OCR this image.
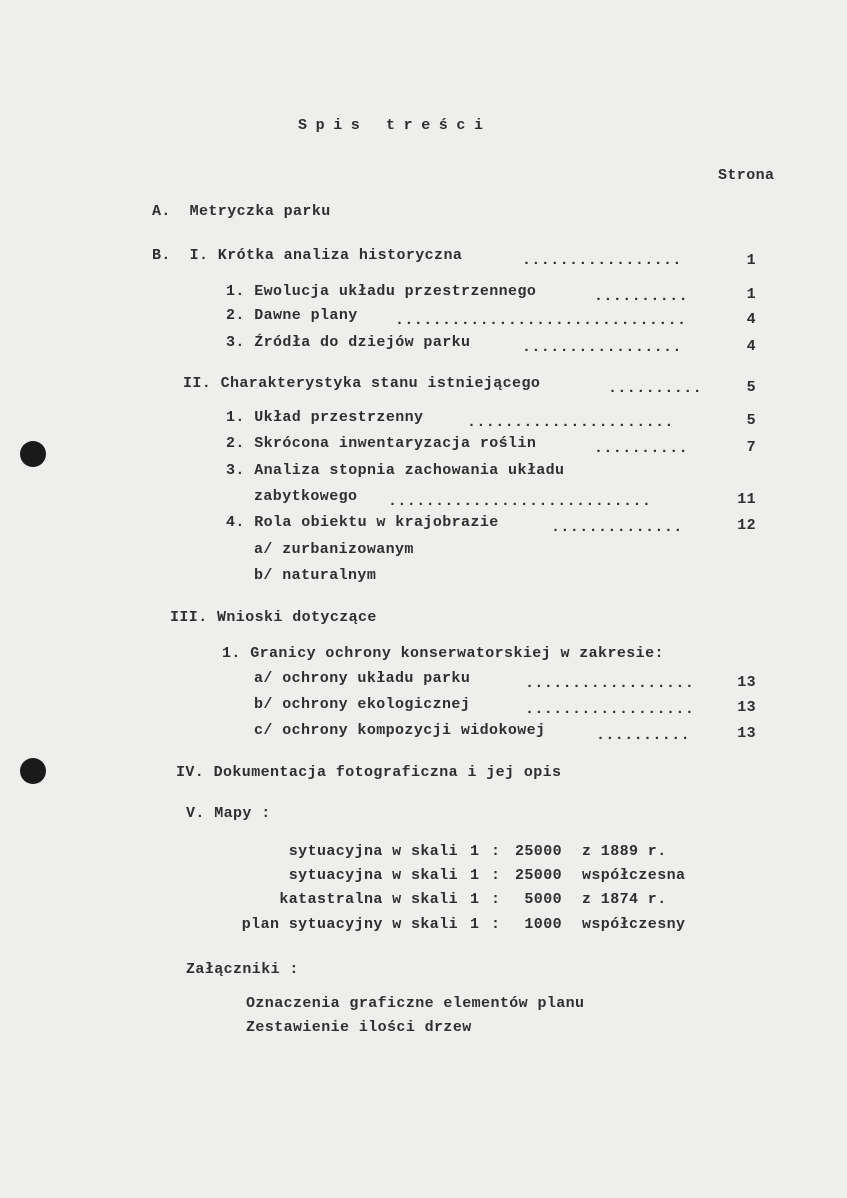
Spis treści

Strona

A.  Metryczka parku

B.  I. Krótka analiza historyczna	.................	1

1. Ewolucja układu przestrzennego	..........	1

2. Dawne plany ...............................	4

3. Źródła do dziejów parku	.................	4

II. Charakterystyka stanu istniejącego	..........	5

1. Układ przestrzenny	......................	5

2. Skrócona inwentaryzacja roślin	..........	7

3. Analiza stopnia zachowania układu

zabytkowego ............................	11

4. Rola obiektu w krajobrazie	..............	12

a/ zurbanizowanym

b/ naturalnym

III. Wnioski dotyczące

1. Granicy ochrony konserwatorskiej w zakresie:

a/ ochrony układu parku	..................	13

b/ ochrony ekologicznej	..................	13

c/ ochrony kompozycji widokowej	..........	13

IV. Dokumentacja fotograficzna i jej opis

V. Mapy :

sytuacyjna w skali 1 : 25000 z 1889 r.

sytuacyjna w skali 1 : 25000 współczesna

katastralna w skali 1 :	5000 z 1874 r.

plan sytuacyjny w skali 1 :	1000 współczesny

Załączniki :

Oznaczenia graficzne elementów planu

Zestawienie ilości drzew
